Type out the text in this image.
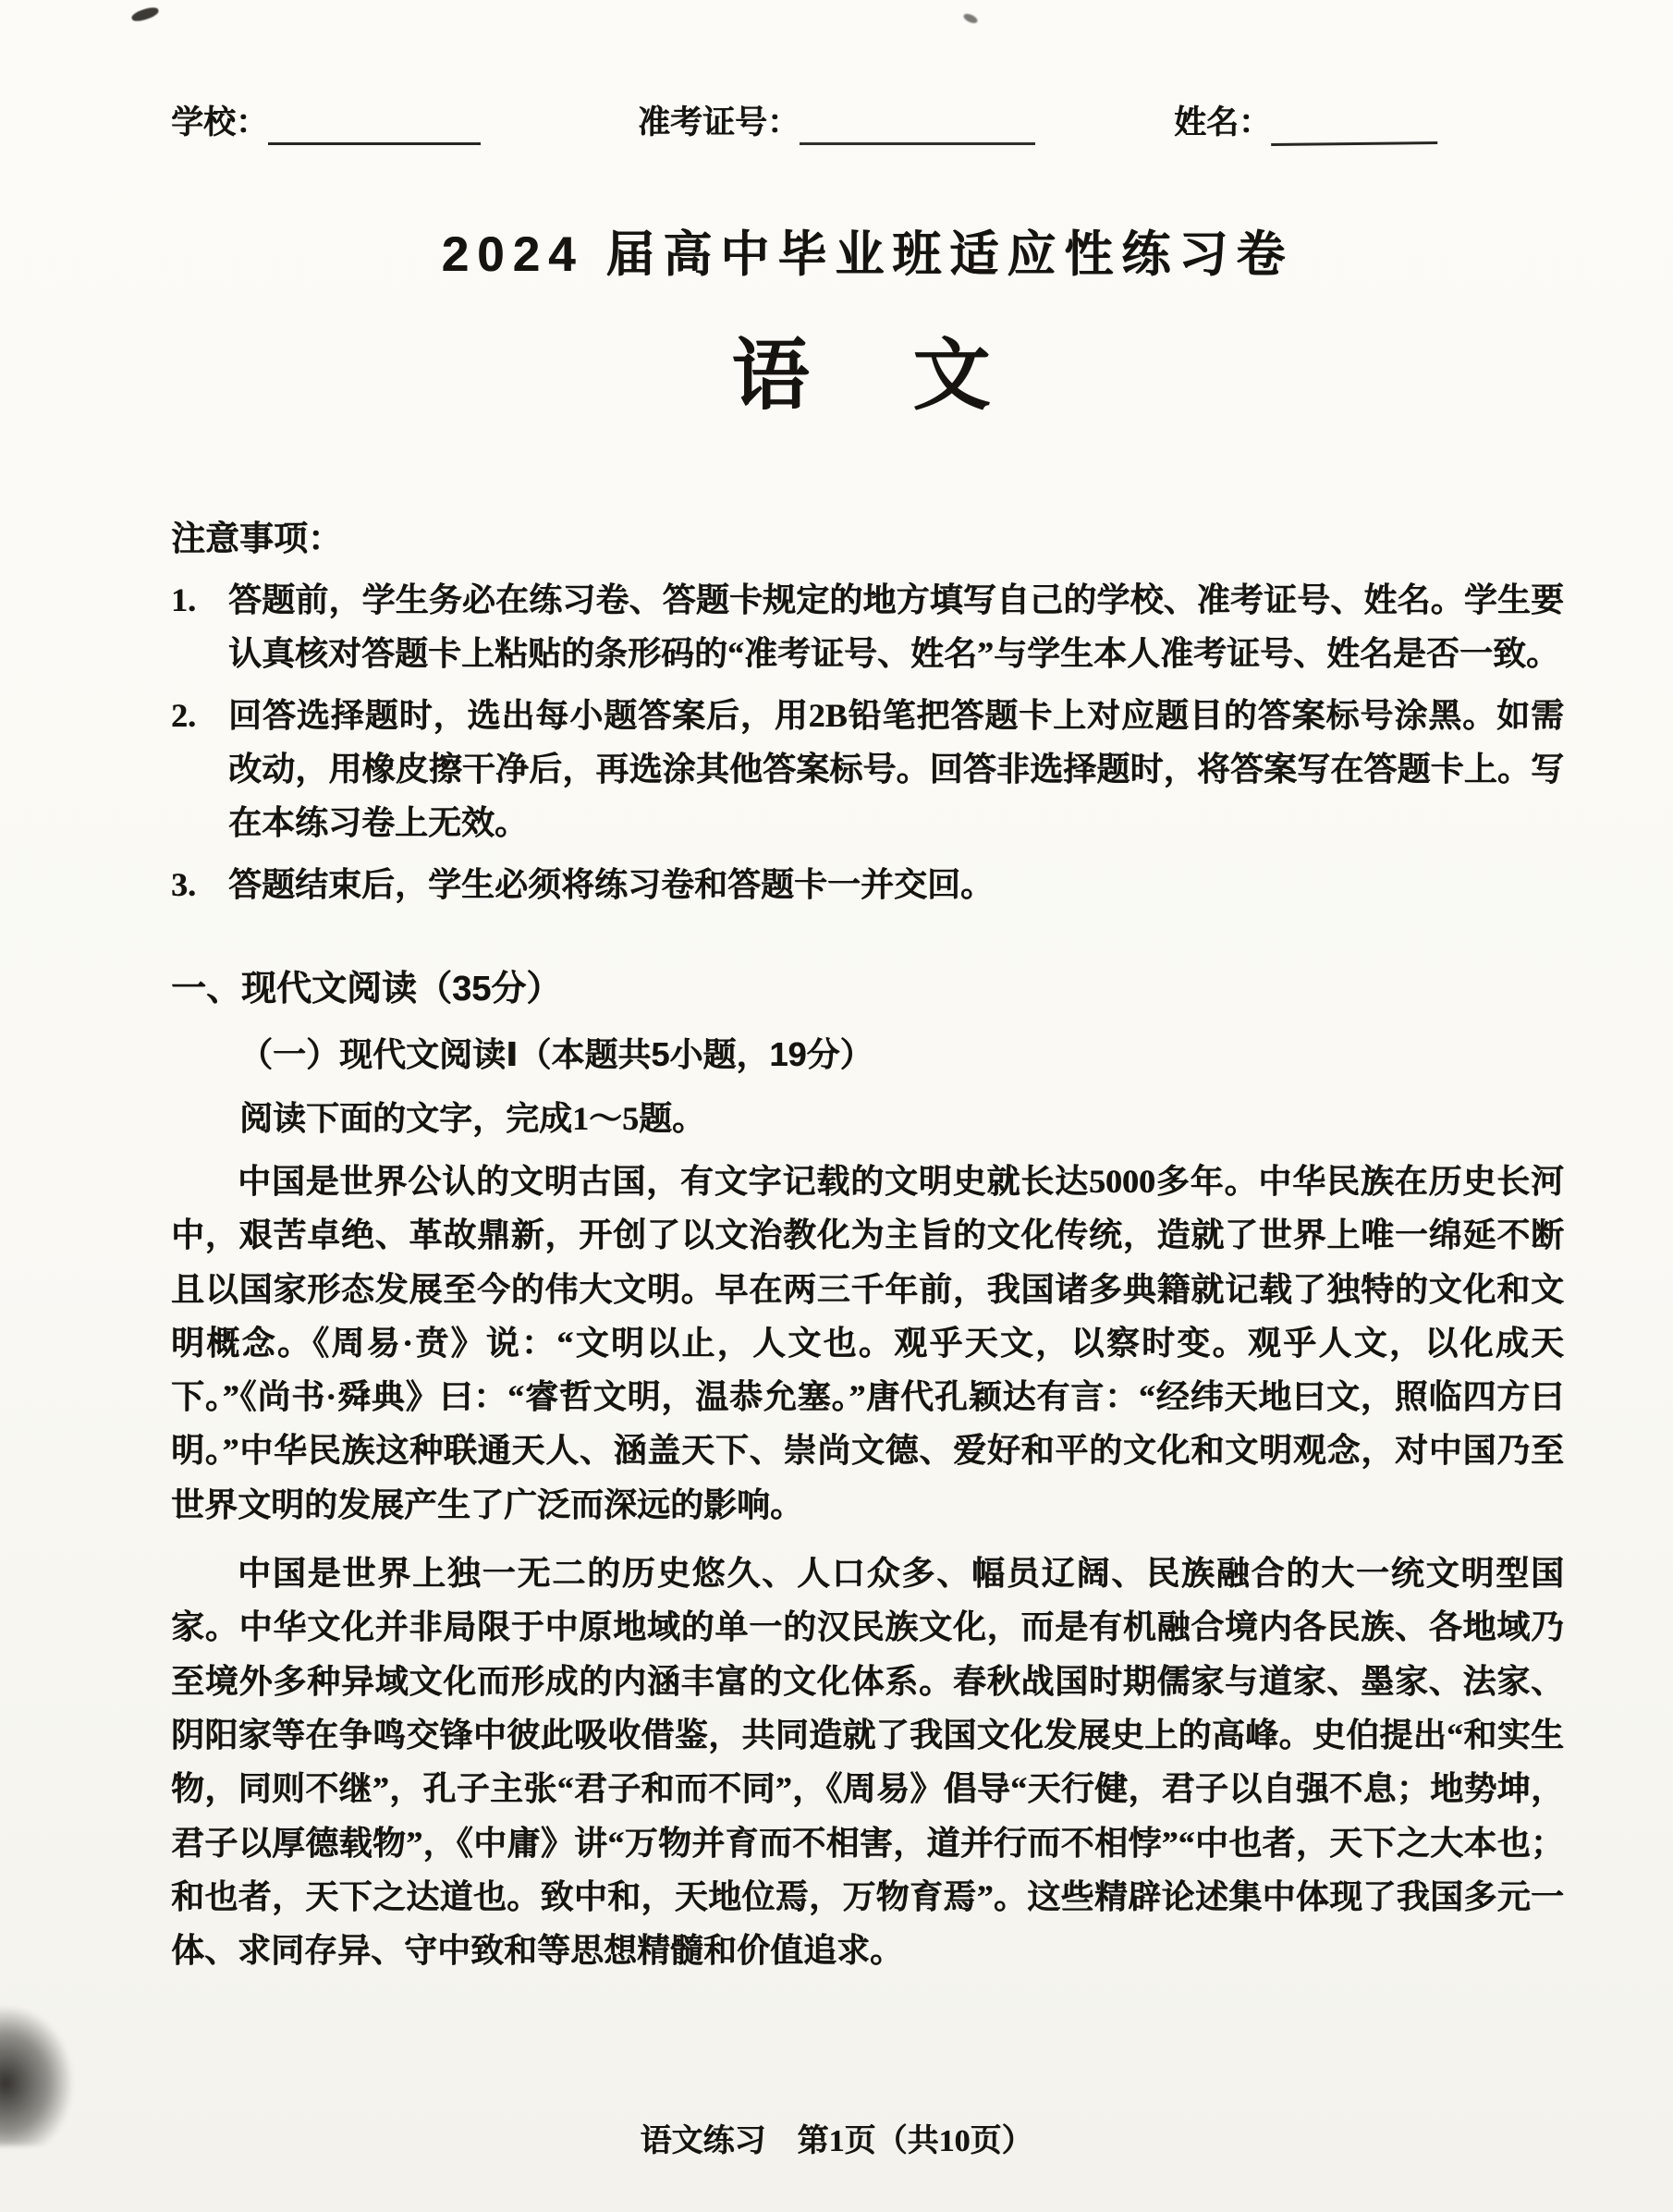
学校：	准考证号：	姓名：
2024 届高中毕业班适应性练习卷
语　文
注意事项：
1. 答题前，学生务必在练习卷、答题卡规定的地方填写自己的学校、准考证号、姓名。学生要认真核对答题卡上粘贴的条形码的“准考证号、姓名”与学生本人准考证号、姓名是否一致。
2. 回答选择题时，选出每小题答案后，用2B铅笔把答题卡上对应题目的答案标号涂黑。如需改动，用橡皮擦干净后，再选涂其他答案标号。回答非选择题时，将答案写在答题卡上。写在本练习卷上无效。
3. 答题结束后，学生必须将练习卷和答题卡一并交回。
一、现代文阅读（35分）
（一）现代文阅读Ⅰ（本题共5小题，19分）
阅读下面的文字，完成1～5题。
中国是世界公认的文明古国，有文字记载的文明史就长达5000多年。中华民族在历史长河中，艰苦卓绝、革故鼎新，开创了以文治教化为主旨的文化传统，造就了世界上唯一绵延不断且以国家形态发展至今的伟大文明。早在两三千年前，我国诸多典籍就记载了独特的文化和文明概念。《周易·贲》说：“文明以止，人文也。观乎天文，以察时变。观乎人文，以化成天下。”《尚书·舜典》曰：“睿哲文明，温恭允塞。”唐代孔颖达有言：“经纬天地曰文，照临四方曰明。”中华民族这种联通天人、涵盖天下、崇尚文德、爱好和平的文化和文明观念，对中国乃至世界文明的发展产生了广泛而深远的影响。
中国是世界上独一无二的历史悠久、人口众多、幅员辽阔、民族融合的大一统文明型国家。中华文化并非局限于中原地域的单一的汉民族文化，而是有机融合境内各民族、各地域乃至境外多种异域文化而形成的内涵丰富的文化体系。春秋战国时期儒家与道家、墨家、法家、阴阳家等在争鸣交锋中彼此吸收借鉴，共同造就了我国文化发展史上的高峰。史伯提出“和实生物，同则不继”，孔子主张“君子和而不同”，《周易》倡导“天行健，君子以自强不息；地势坤，君子以厚德载物”，《中庸》讲“万物并育而不相害，道并行而不相悖”“中也者，天下之大本也；和也者，天下之达道也。致中和，天地位焉，万物育焉”。这些精辟论述集中体现了我国多元一体、求同存异、守中致和等思想精髓和价值追求。
语文练习　第1页（共10页）
